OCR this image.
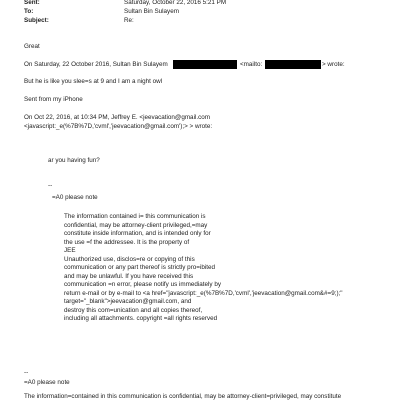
Sent:	Saturday, October 22, 2016 5:21 PM
To:	Sultan Bin Sulayem
Subject:	Re:
Great
On Saturday, 22 October 2016, Sultan Bin Sulayem	<mailto:	> wrote:
But he is like you slee=s at 9 and I am a night owl
Sent from my iPhone
On Oct 22, 2016, at 10:34 PM, Jeffrey E. <jeevacation@gmail.com
<javascript:_e(%7B%7D,'cvml','jeevacation@gmail.com');> > wrote:
ar you having fun?
--
=A0 please note
The information contained i= this communication is
confidential, may be attorney-client privileged,=may
constitute inside information, and is intended only for
the use =f the addressee. It is the property of
JEE
Unauthorized use, disclos=re or copying of this
communication or any part thereof is strictly pro=ibited
and may be unlawful. If you have received this
communication =n error, please notify us immediately by
return e-mail or by e-mail to <a href="javascript:_e(%7B%7D,'cvml','jeevacation@gmail.com&#=9;);"
target="_blank">jeevacation@gmail.com, and
destroy this com=unication and all copies thereof,
including all attachments. copyright =all rights reserved
--
=A0 please note
The information=contained in this communication is confidential, may be attorney-client=privileged, may constitute
